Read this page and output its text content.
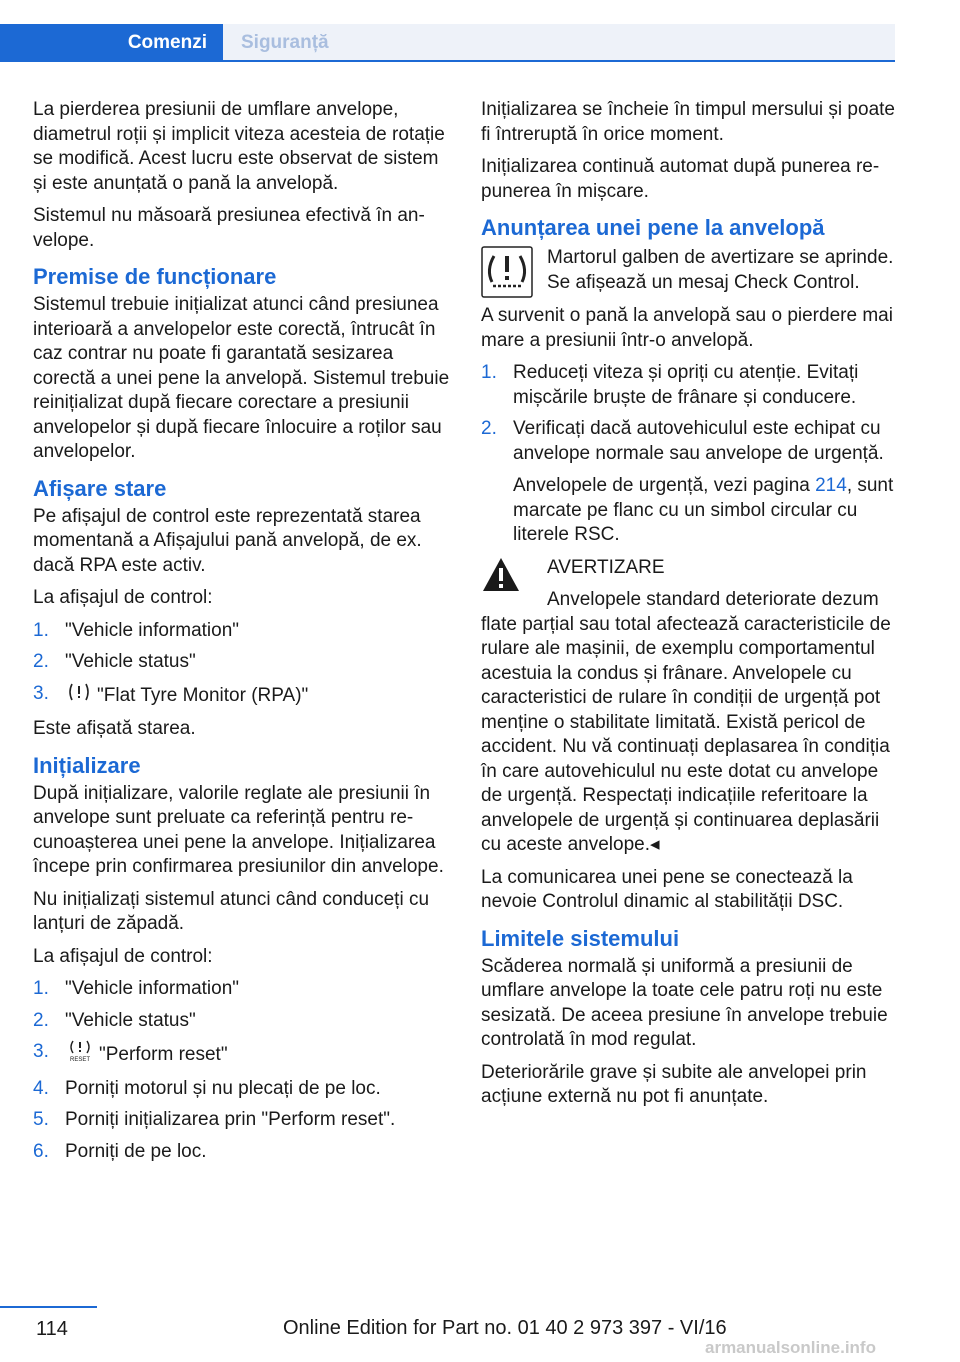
Comenzi	Siguranță

La pierderea presiunii de umflare anvelope, diametrul roții și implicit viteza acesteia de rotație se modifică. Acest lucru este observat de sistem și este anunțată o pană la anvelopă.

Sistemul nu măsoară presiunea efectivă în anvelope.

Premise de funcționare

Sistemul trebuie inițializat atunci când presiunea interioară a anvelopelor este corectă, întrucât în caz contrar nu poate fi garantată sesizarea corectă a unei pene la anvelopă. Sistemul trebuie reinițializat după fiecare corectare a presiunii anvelopelor și după fiecare înlocuire a roților sau anvelopelor.

Afișare stare

Pe afișajul de control este reprezentată starea momentană a Afișajului pană anvelopă, de ex. dacă RPA este activ.

La afișajul de control:

1. "Vehicle information"
2. "Vehicle status"
3.	"Flat Tyre Monitor (RPA)"

Este afișată starea.

Inițializare

După inițializare, valorile reglate ale presiunii în anvelope sunt preluate ca referință pentru recunoașterea unei pene la anvelope. Inițializarea începe prin confirmarea presiunilor din anvelope.

Nu inițializați sistemul atunci când conduceți cu lanțuri de zăpadă.

La afișajul de control:

1. "Vehicle information"
2. "Vehicle status"
3.	RESET "Perform reset"
4. Porniți motorul și nu plecați de pe loc.
5. Porniți inițializarea prin "Perform reset".
6. Porniți de pe loc.

Inițializarea se încheie în timpul mersului și poate fi întreruptă în orice moment.

Inițializarea continuă automat după punerea repunerea în mișcare.

Anunțarea unei pene la anvelopă
Martorul galben de avertizare se aprinde. Se afișează un mesaj Check Control.

A survenit o pană la anvelopă sau o pierdere mai mare a presiunii într-o anvelopă.

1. Reduceți viteza și opriți cu atenție. Evitați mișcările bruște de frânare și conducere.
2. Verificați dacă autovehiculul este echipat cu anvelope normale sau anvelope de urgență.

Anvelopele de urgență, vezi pagina 214, sunt marcate pe flanc cu un simbol circular cu literele RSC.

AVERTIZARE
Anvelopele standard deteriorate dezum

flate parțial sau total afectează caracteristicile de rulare ale mașinii, de exemplu comportamentul acestuia la condus și frânare. Anvelopele cu caracteristici de rulare în condiții de urgență pot menține o stabilitate limitată. Există pericol de accident. Nu vă continuați deplasarea în condiția în care autovehiculul nu este dotat cu anvelope de urgență. Respectați indicațiile referitoare la anvelopele de urgență și continuarea deplasării cu aceste anvelope.◂

La comunicarea unei pene se conectează la nevoie Controlul dinamic al stabilității DSC.

Limitele sistemului

Scăderea normală și uniformă a presiunii de umflare anvelope la toate cele patru roți nu este sesizată. De aceea presiune în anvelope trebuie controlată în mod regulat.

Deteriorările grave și subite ale anvelopei prin acțiune externă nu pot fi anunțate.

114	Online Edition for Part no. 01 40 2 973 397 - VI/16
armanualsonline.info
